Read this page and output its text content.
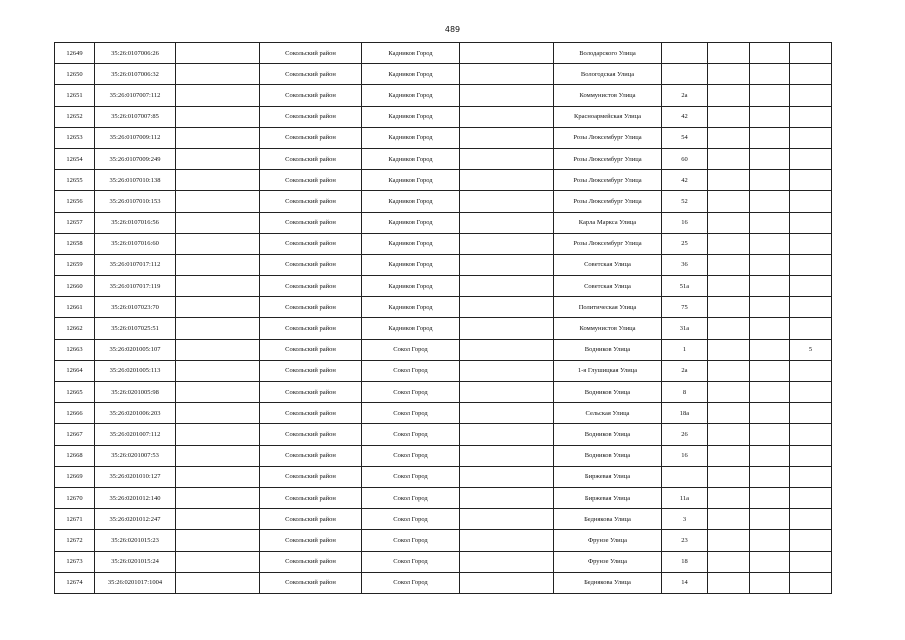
489
12649	35:26:0107006:26		Сокольский район	Кадников Город		Володарского Улица				
12650	35:26:0107006:32		Сокольский район	Кадников Город		Вологодская Улица				
12651	35:26:0107007:112		Сокольский район	Кадников Город		Коммунистов Улица	2а			
12652	35:26:0107007:85		Сокольский район	Кадников Город		Красноармейская Улица	42			
12653	35:26:0107009:112		Сокольский район	Кадников Город		Розы Люксембург Улица	54			
12654	35:26:0107009:249		Сокольский район	Кадников Город		Розы Люксембург Улица	60			
12655	35:26:0107010:138		Сокольский район	Кадников Город		Розы Люксембург Улица	42			
12656	35:26:0107010:153		Сокольский район	Кадников Город		Розы Люксембург Улица	52			
12657	35:26:0107016:56		Сокольский район	Кадников Город		Карла Маркса Улица	16			
12658	35:26:0107016:60		Сокольский район	Кадников Город		Розы Люксембург Улица	25			
12659	35:26:0107017:112		Сокольский район	Кадников Город		Советская Улица	36			
12660	35:26:0107017:119		Сокольский район	Кадников Город		Советская Улица	51а			
12661	35:26:0107023:70		Сокольский район	Кадников Город		Политическая Улица	75			
12662	35:26:0107025:51		Сокольский район	Кадников Город		Коммунистов Улица	31а			
12663	35:26:0201005:107		Сокольский район	Сокол Город		Водников Улица	1			5
12664	35:26:0201005:113		Сокольский район	Сокол Город		1-я Глушицкая Улица	2а			
12665	35:26:0201005:98		Сокольский район	Сокол Город		Водников Улица	8			
12666	35:26:0201006:203		Сокольский район	Сокол Город		Сельская Улица	18а			
12667	35:26:0201007:112		Сокольский район	Сокол Город		Водников Улица	26			
12668	35:26:0201007:53		Сокольский район	Сокол Город		Водников Улица	16			
12669	35:26:0201010:127		Сокольский район	Сокол Город		Биржевая Улица				
12670	35:26:0201012:140		Сокольский район	Сокол Город		Биржевая Улица	11а			
12671	35:26:0201012:247		Сокольский район	Сокол Город		Беднякова Улица	3			
12672	35:26:0201015:23		Сокольский район	Сокол Город		Фрунзе Улица	23			
12673	35:26:0201015:24		Сокольский район	Сокол Город		Фрунзе Улица	18			
12674	35:26:0201017:1004		Сокольский район	Сокол Город		Беднякова Улица	14			
